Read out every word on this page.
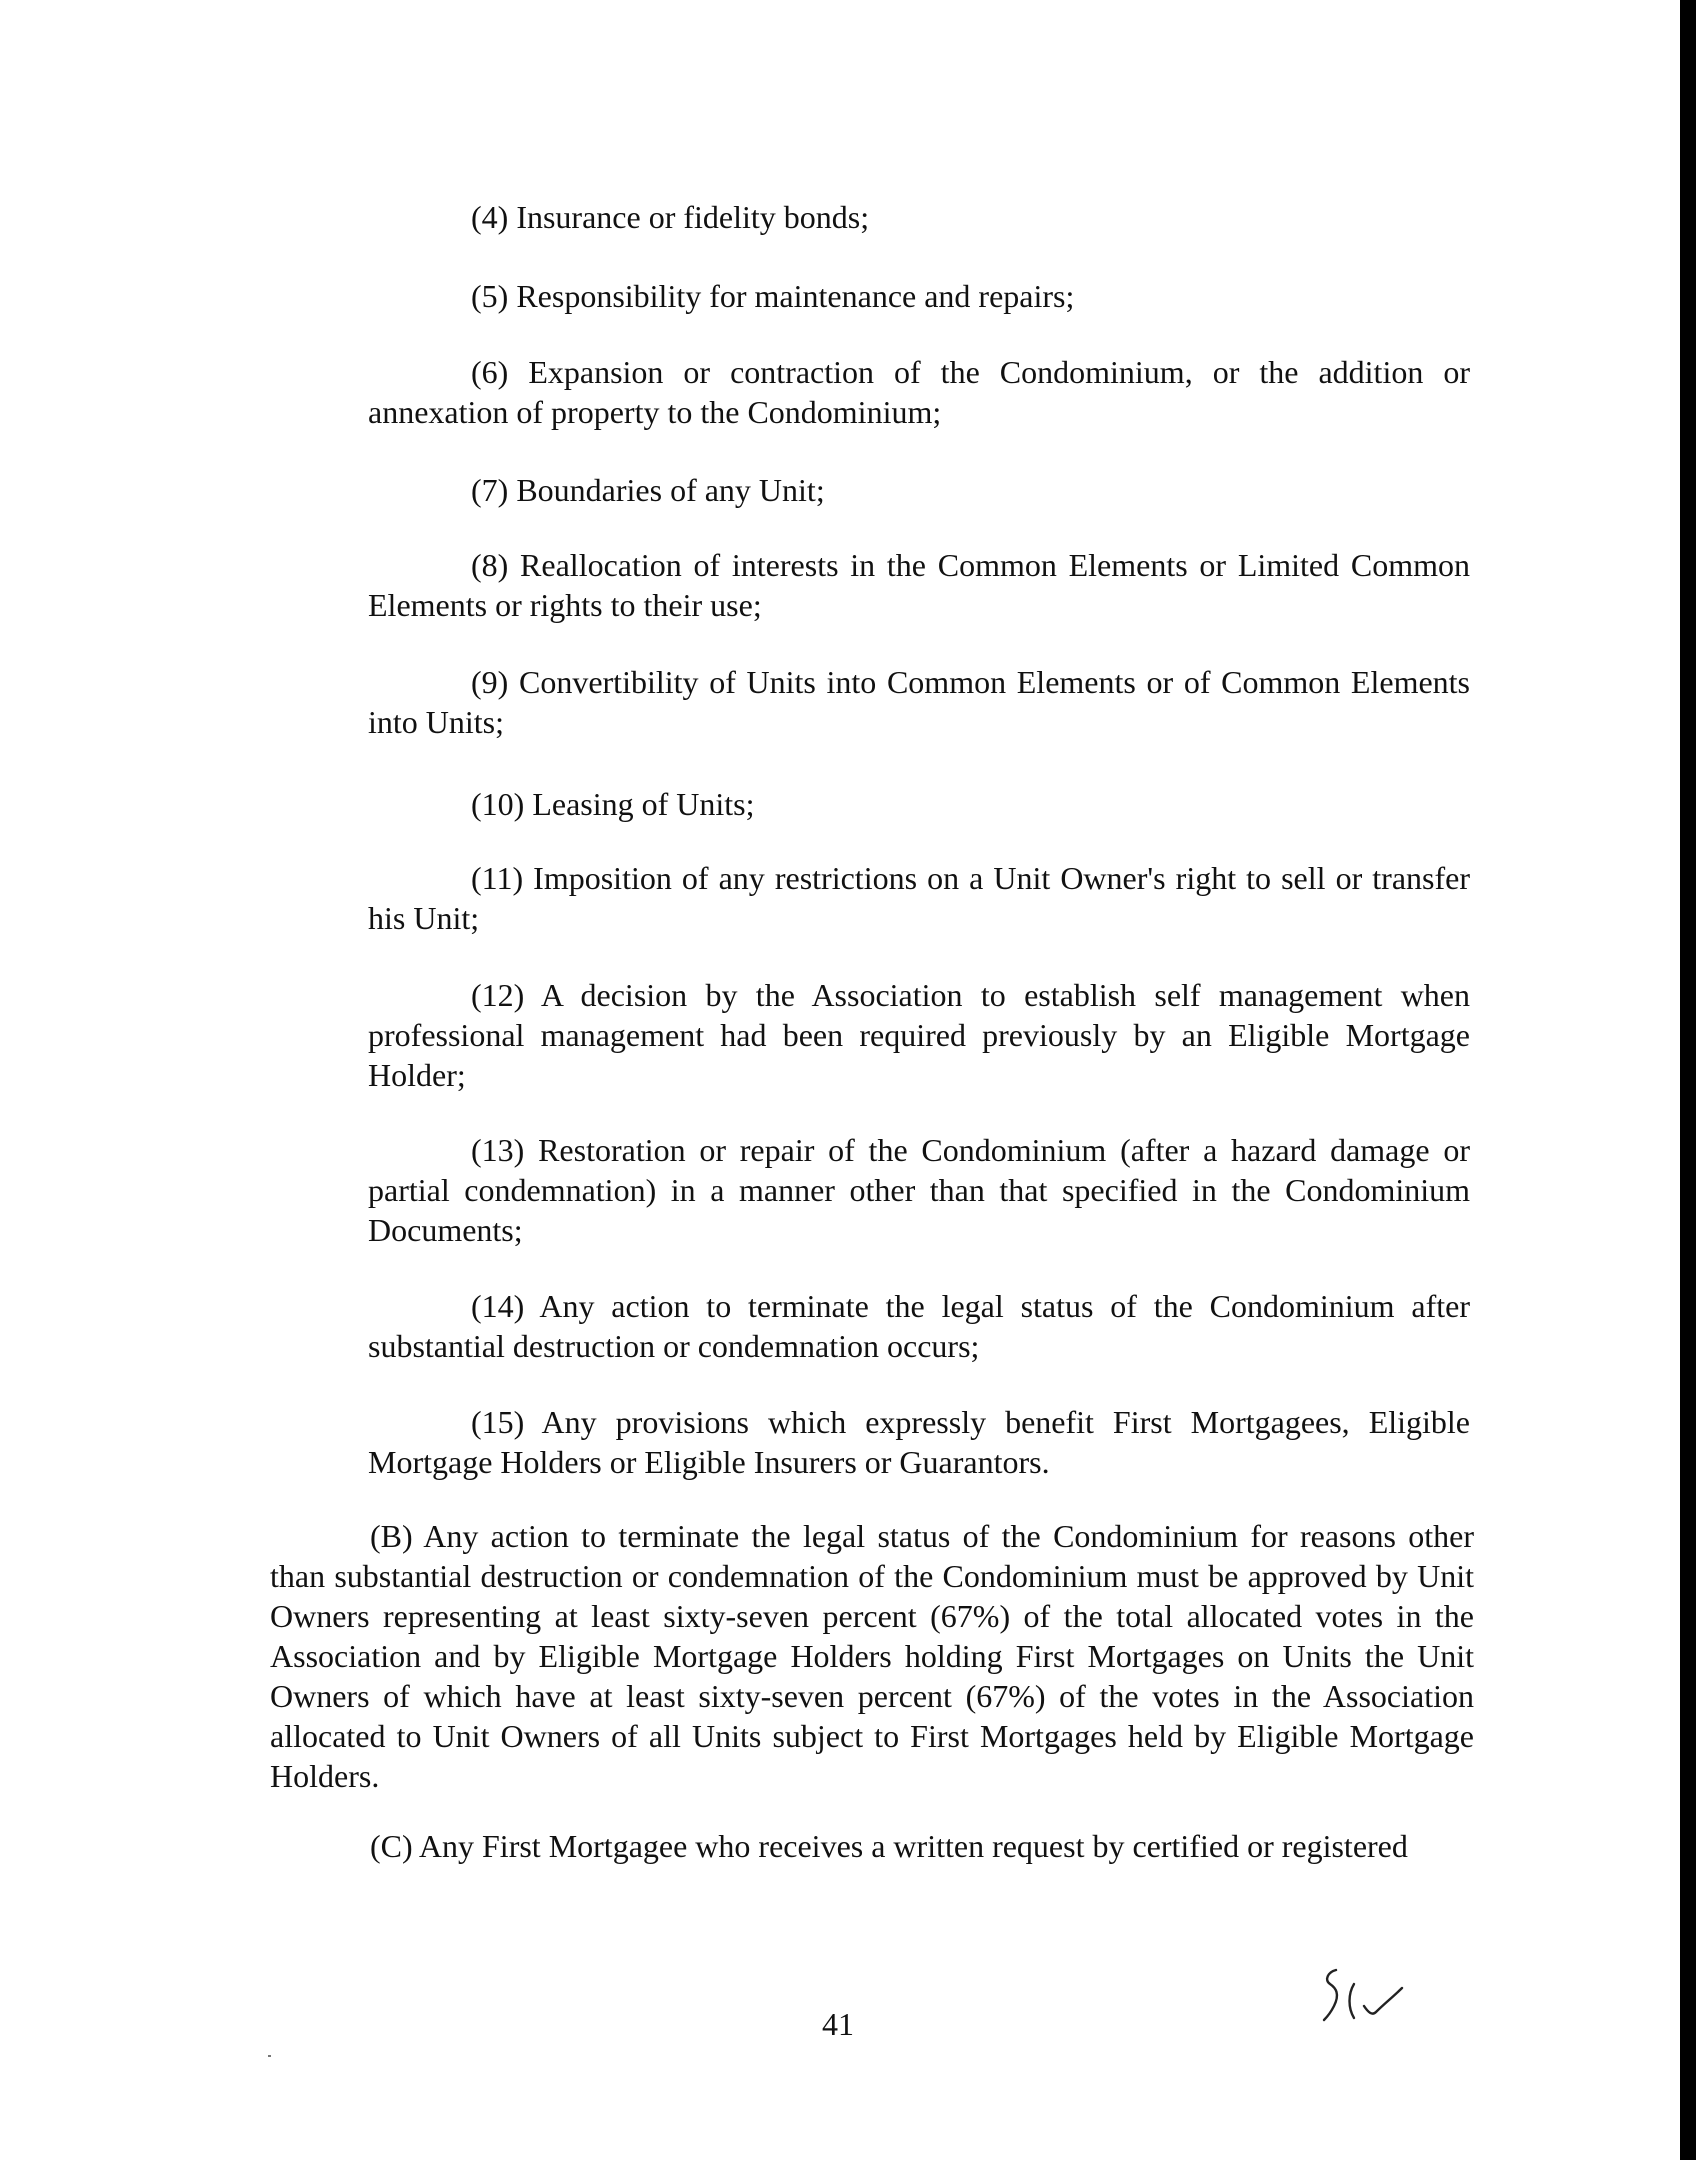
(4) Insurance or fidelity bonds;

(5) Responsibility for maintenance and repairs;

(6) Expansion or contraction of the Condominium, or the addition or annexation of property to the Condominium;

(7) Boundaries of any Unit;

(8) Reallocation of interests in the Common Elements or Limited Common Elements or rights to their use;

(9) Convertibility of Units into Common Elements or of Common Elements into Units;

(10) Leasing of Units;

(11) Imposition of any restrictions on a Unit Owner's right to sell or transfer his Unit;

(12) A decision by the Association to establish self management when professional management had been required previously by an Eligible Mortgage Holder;

(13) Restoration or repair of the Condominium (after a hazard damage or partial condemnation) in a manner other than that specified in the Condominium Documents;

(14) Any action to terminate the legal status of the Condominium after substantial destruction or condemnation occurs;

(15) Any provisions which expressly benefit First Mortgagees, Eligible Mortgage Holders or Eligible Insurers or Guarantors.

(B) Any action to terminate the legal status of the Condominium for reasons other than substantial destruction or condemnation of the Condominium must be approved by Unit Owners representing at least sixty-seven percent (67%) of the total allocated votes in the Association and by Eligible Mortgage Holders holding First Mortgages on Units the Unit Owners of which have at least sixty-seven percent (67%) of the votes in the Association allocated to Unit Owners of all Units subject to First Mortgages held by Eligible Mortgage Holders.

(C) Any First Mortgagee who receives a written request by certified or registered

41
